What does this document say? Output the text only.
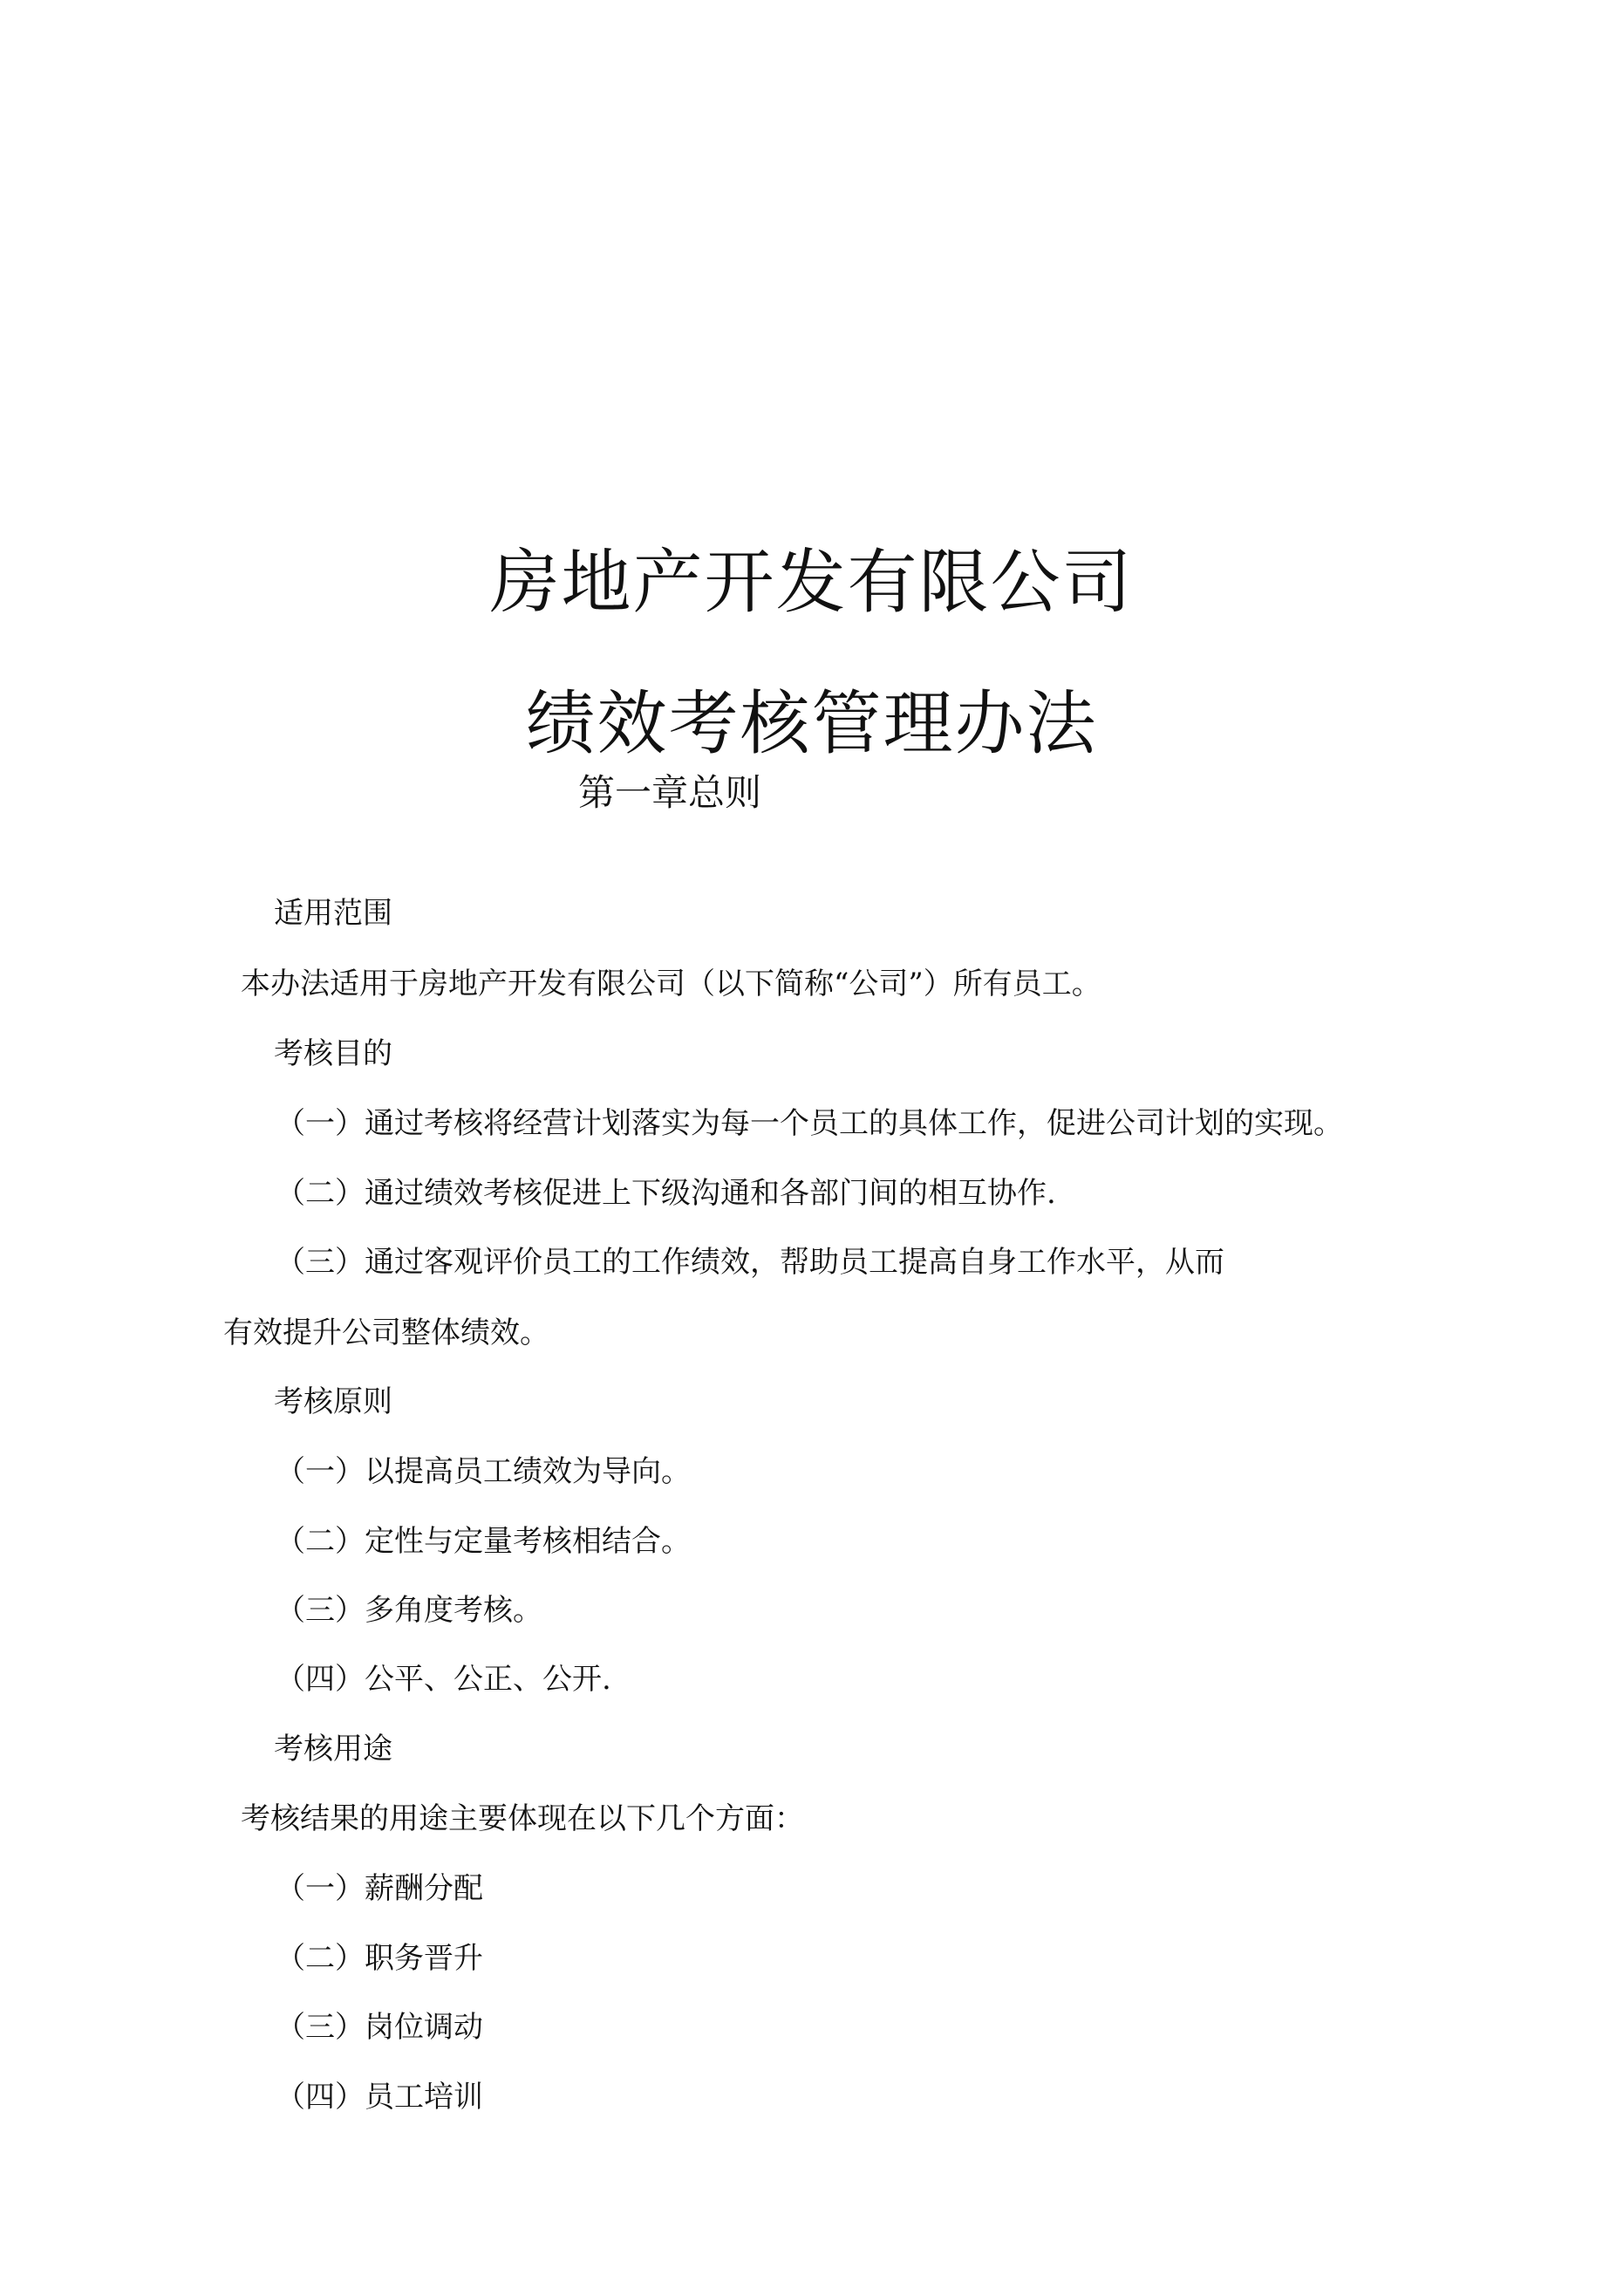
房地产开发有限公司
绩效考核管理办法
第一章总则
适用范围
本办法适用于房地产开发有限公司（以下简称“公司”）所有员工。
考核目的
（一）通过考核将经营计划落实为每一个员工的具体工作，促进公司计划的实现。
（二）通过绩效考核促进上下级沟通和各部门间的相互协作.
（三）通过客观评价员工的工作绩效，帮助员工提高自身工作水平，从而
有效提升公司整体绩效。
考核原则
（一）以提高员工绩效为导向。
（二）定性与定量考核相结合。
（三）多角度考核。
（四）公平、公正、公开.
考核用途
考核结果的用途主要体现在以下几个方面：
（一）薪酬分配
（二）职务晋升
（三）岗位调动
（四）员工培训
